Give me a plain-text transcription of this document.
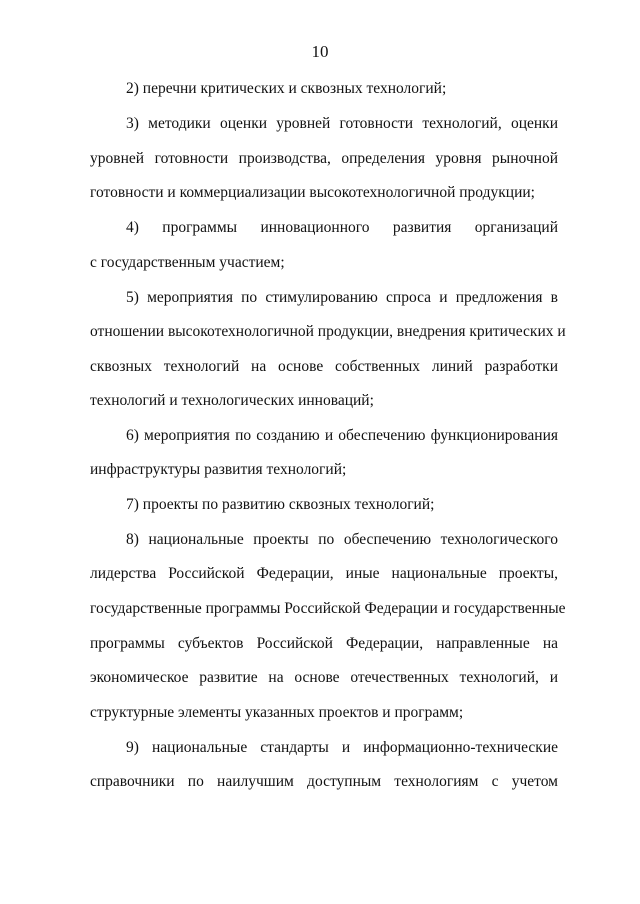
10
2) перечни критических и сквозных технологий;
3) методики оценки уровней готовности технологий, оценки
уровней готовности производства, определения уровня рыночной
готовности и коммерциализации высокотехнологичной продукции;
4) программы инновационного развития организаций
с государственным участием;
5) мероприятия по стимулированию спроса и предложения в
отношении высокотехнологичной продукции, внедрения критических и
сквозных технологий на основе собственных линий разработки
технологий и технологических инноваций;
6) мероприятия по созданию и обеспечению функционирования
инфраструктуры развития технологий;
7) проекты по развитию сквозных технологий;
8) национальные проекты по обеспечению технологического
лидерства Российской Федерации, иные национальные проекты,
государственные программы Российской Федерации и государственные
программы субъектов Российской Федерации, направленные на
экономическое развитие на основе отечественных технологий, и
структурные элементы указанных проектов и программ;
9) национальные стандарты и информационно-технические
справочники по наилучшим доступным технологиям с учетом
